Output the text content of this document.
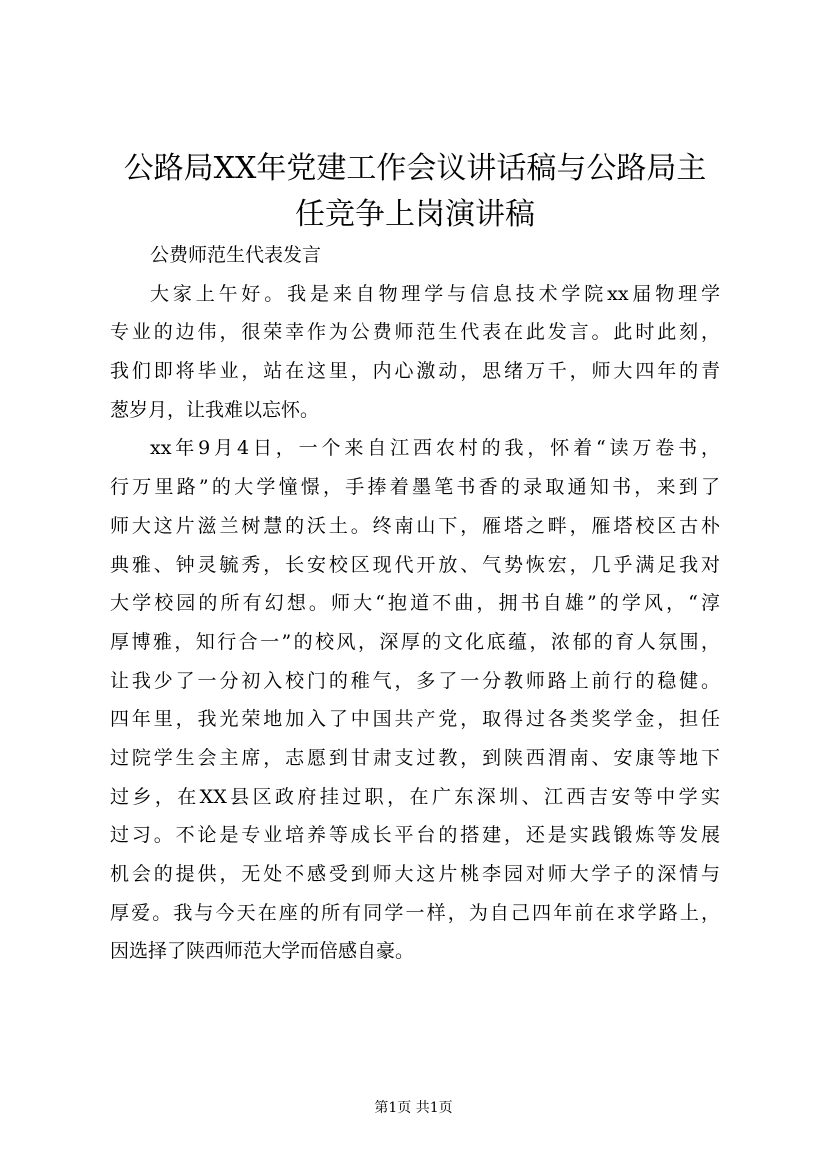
公路局XX年党建工作会议讲话稿与公路局主
任竞争上岗演讲稿
公费师范生代表发言
大家上午好。我是来自物理学与信息技术学院xx届物理学
专业的边伟，很荣幸作为公费师范生代表在此发言。此时此刻，
我们即将毕业，站在这里，内心激动，思绪万千，师大四年的青
葱岁月，让我难以忘怀。
xx年9月4日，一个来自江西农村的我，怀着“读万卷书，
行万里路”的大学憧憬，手捧着墨笔书香的录取通知书，来到了
师大这片滋兰树慧的沃土。终南山下，雁塔之畔，雁塔校区古朴
典雅、钟灵毓秀，长安校区现代开放、气势恢宏，几乎满足我对
大学校园的所有幻想。师大“抱道不曲，拥书自雄”的学风，“淳
厚博雅，知行合一”的校风，深厚的文化底蕴，浓郁的育人氛围，
让我少了一分初入校门的稚气，多了一分教师路上前行的稳健。
四年里，我光荣地加入了中国共产党，取得过各类奖学金，担任
过院学生会主席，志愿到甘肃支过教，到陕西渭南、安康等地下
过乡，在XX县区政府挂过职，在广东深圳、江西吉安等中学实
过习。不论是专业培养等成长平台的搭建，还是实践锻炼等发展
机会的提供，无处不感受到师大这片桃李园对师大学子的深情与
厚爱。我与今天在座的所有同学一样，为自己四年前在求学路上，
因选择了陕西师范大学而倍感自豪。
第1页 共1页
